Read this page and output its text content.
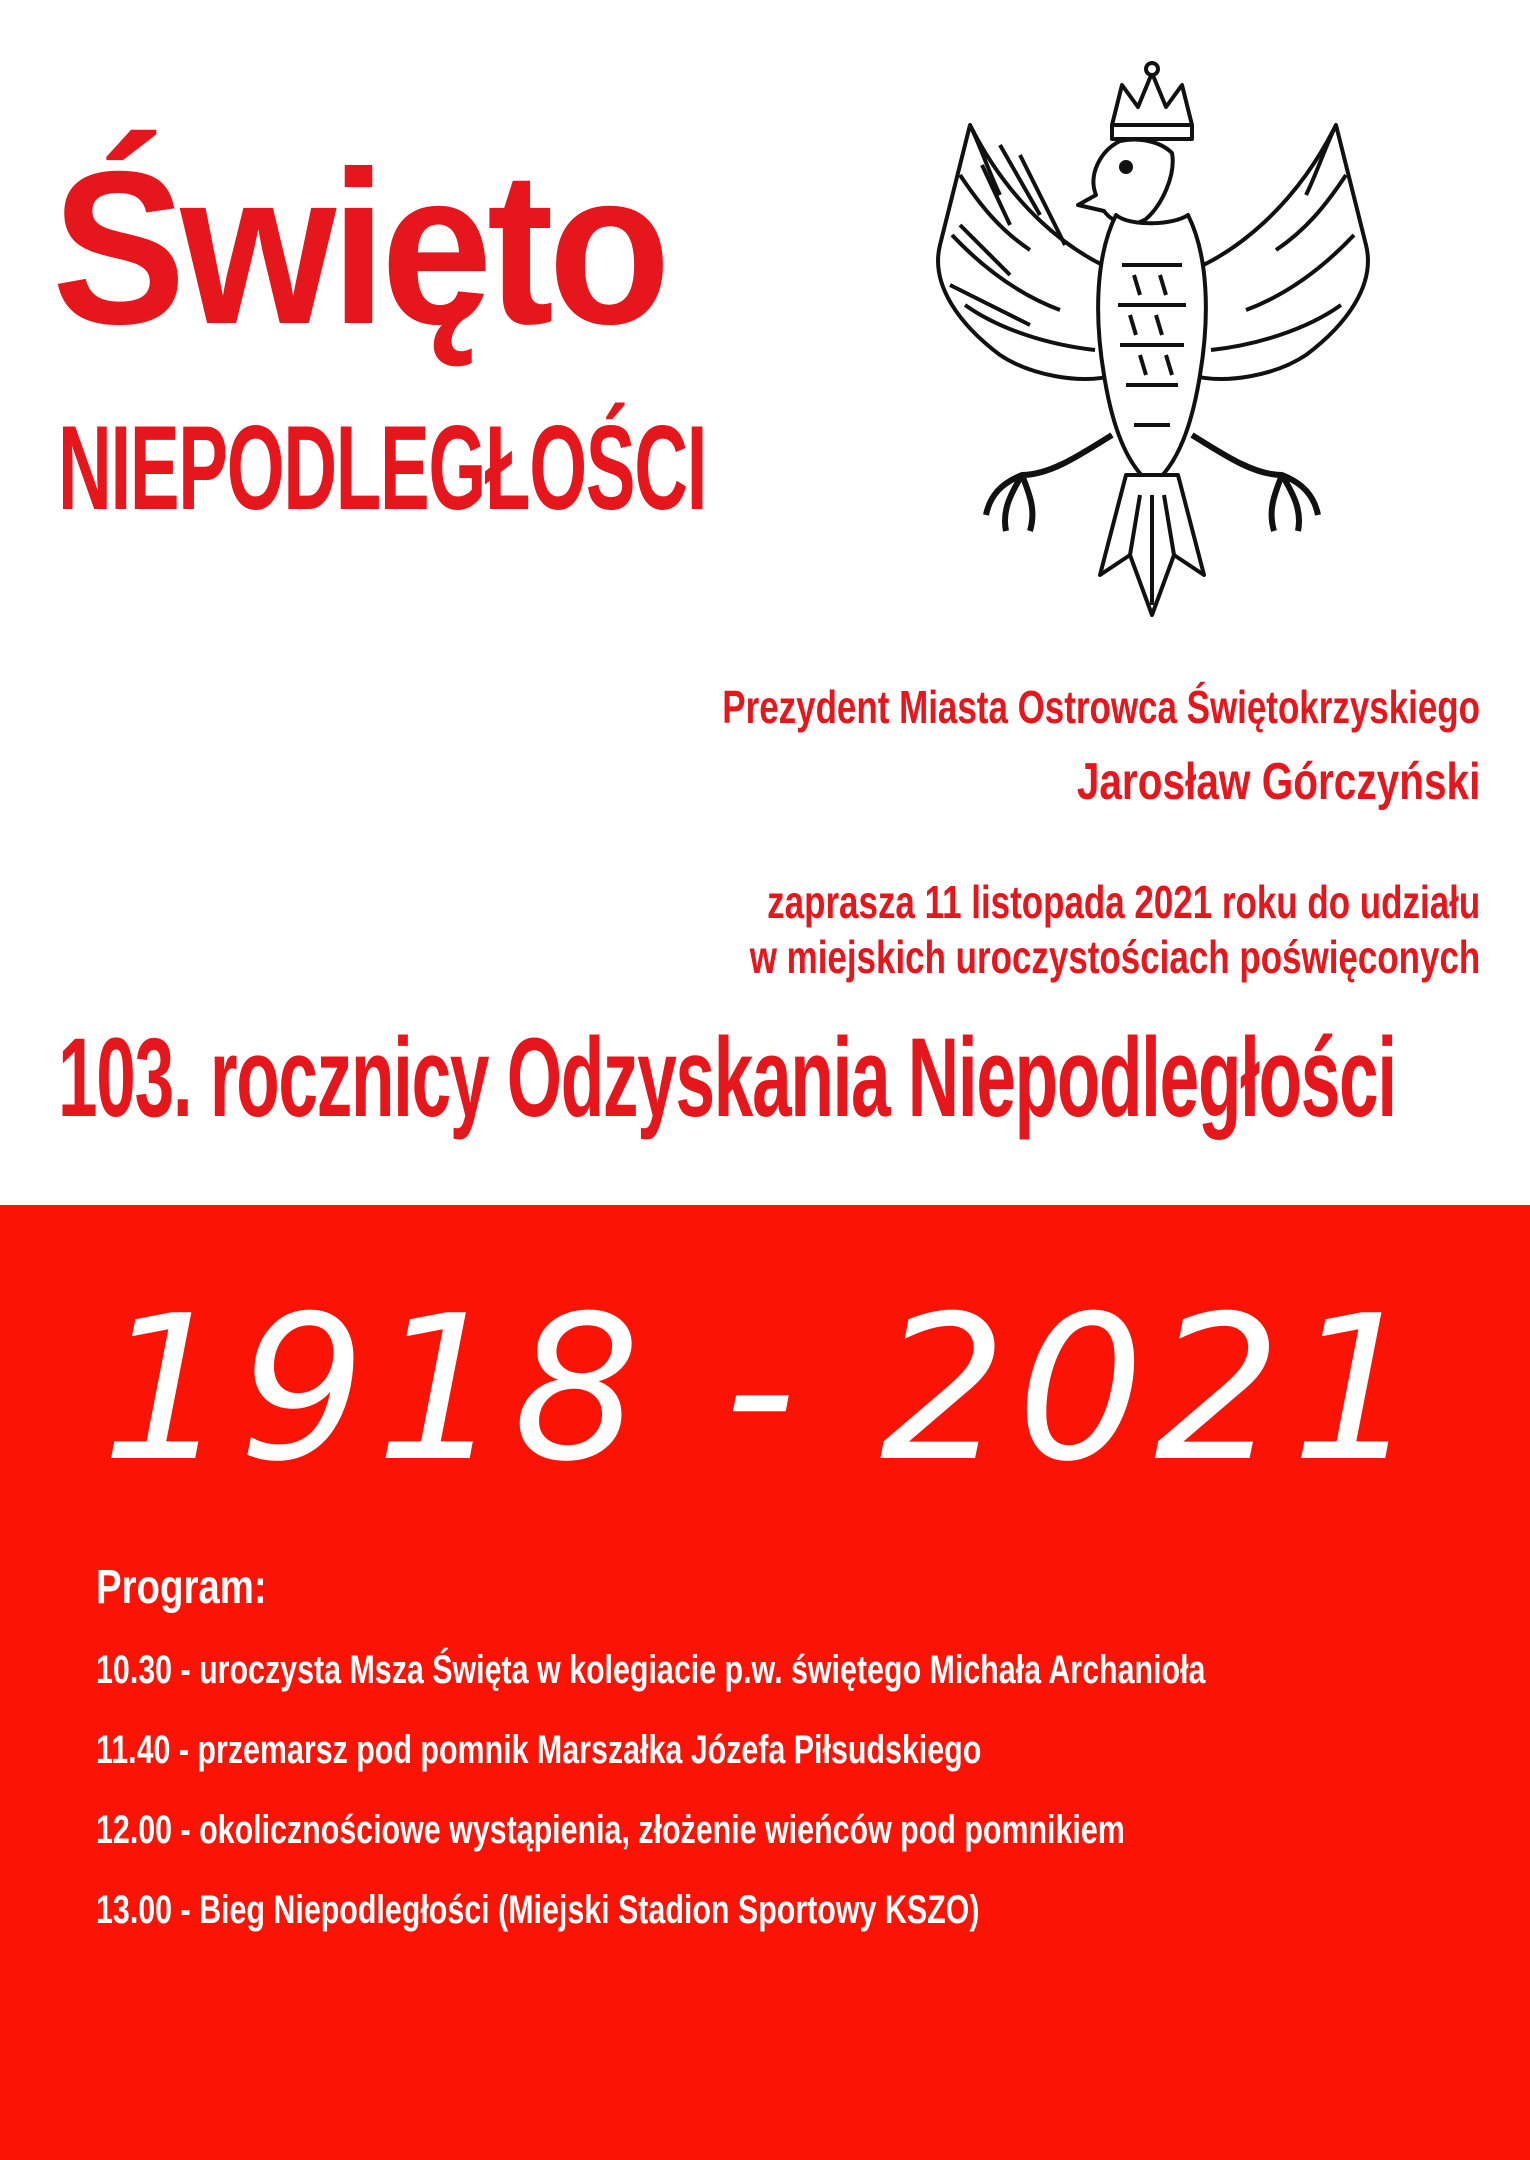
Święto
NIEPODLEGŁOŚCI
Prezydent Miasta Ostrowca Świętokrzyskiego
Jarosław Górczyński
zaprasza 11 listopada 2021 roku do udziału
w miejskich uroczystościach poświęconych
103. rocznicy Odzyskania Niepodległości
1918 - 2021
Program:
10.30 - uroczysta Msza Święta w kolegiacie p.w. świętego Michała Archanioła
11.40 - przemarsz pod pomnik Marszałka Józefa Piłsudskiego
12.00 - okolicznościowe wystąpienia, złożenie wieńców pod pomnikiem
13.00 - Bieg Niepodległości (Miejski Stadion Sportowy KSZO)
